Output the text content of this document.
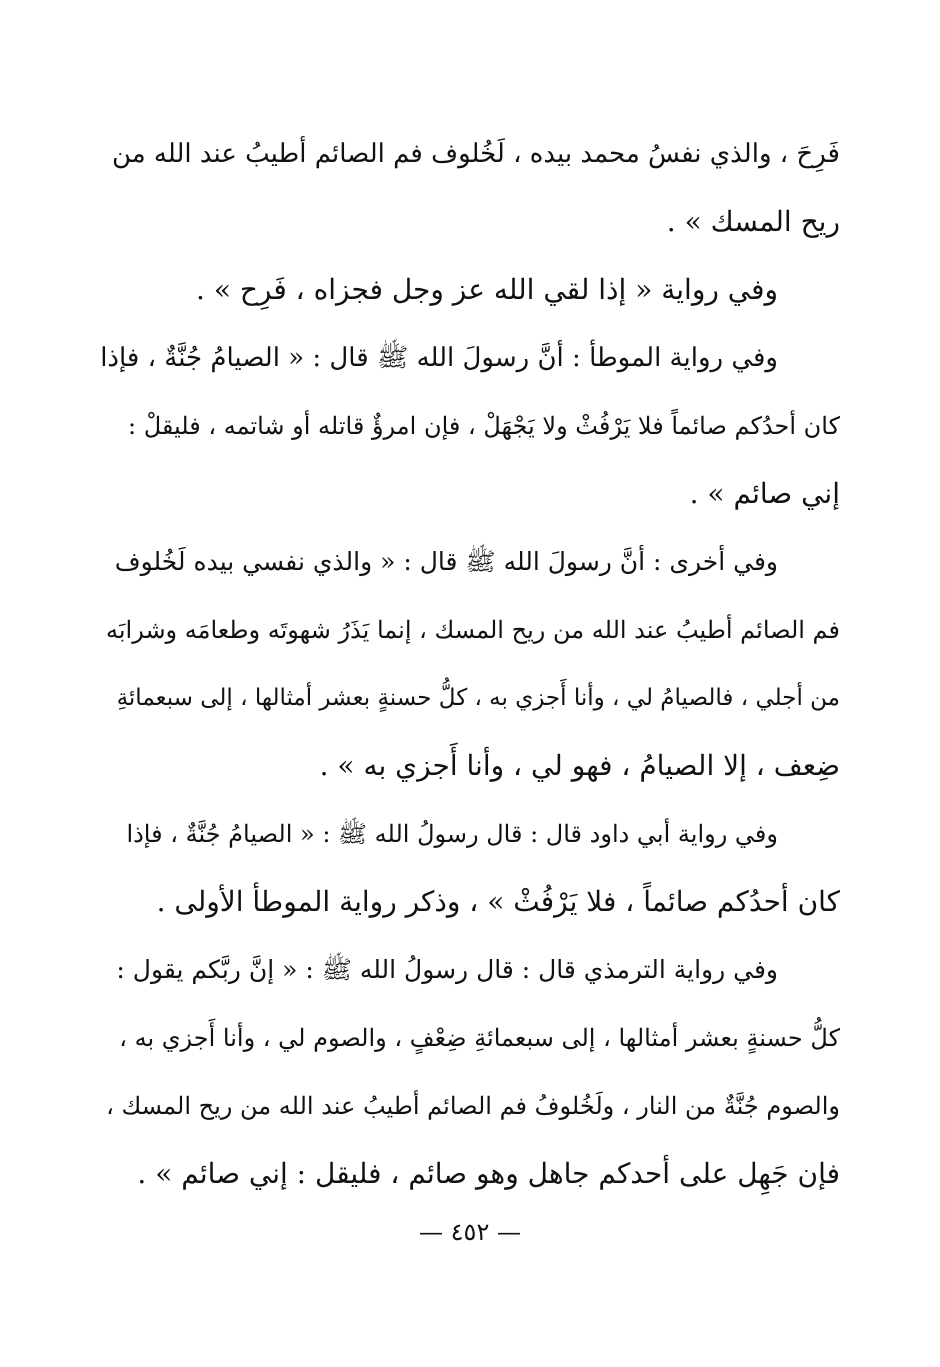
فَرِحَ ، والذي نفسُ محمد بيده ، لَخُلوف فم الصائم أطيبُ عند الله من
ريح المسك » .
وفي رواية « إذا لقي الله عز وجل فجزاه ، فَرِح » .
وفي رواية الموطأ : أنَّ رسولَ الله ﷺ قال : « الصيامُ جُنَّةٌ ، فإذا
كان أحدُكم صائماً فلا يَرْفُثْ ولا يَجْهَلْ ، فإن امرؤٌ قاتله أو شاتمه ، فليقلْ :
إني صائم » .
وفي أخرى : أنَّ رسولَ الله ﷺ قال : « والذي نفسي بيده لَخُلوف
فم الصائم أطيبُ عند الله من ريح المسك ، إنما يَذَرُ شهوتَه وطعامَه وشرابَه
من أجلي ، فالصيامُ لي ، وأنا أَجزي به ، كلُّ حسنةٍ بعشر أمثالها ، إلى سبعمائةِ
ضِعف ، إلا الصيامُ ، فهو لي ، وأنا أَجزي به » .
وفي رواية أبي داود قال : قال رسولُ الله ﷺ : « الصيامُ جُنَّةٌ ، فإذا
كان أحدُكم صائماً ، فلا يَرْفُثْ » ، وذكر رواية الموطأ الأولى .
وفي رواية الترمذي قال : قال رسولُ الله ﷺ : « إنَّ ربَّكم يقول :
كلُّ حسنةٍ بعشر أمثالها ، إلى سبعمائةِ ضِعْفٍ ، والصوم لي ، وأنا أَجزي به ،
والصوم جُنَّةٌ من النار ، ولَخُلوفُ فم الصائم أطيبُ عند الله من ريح المسك ،
فإن جَهِل على أحدكم جاهل وهو صائم ، فليقل : إني صائم » .
— ٤٥٢ —
